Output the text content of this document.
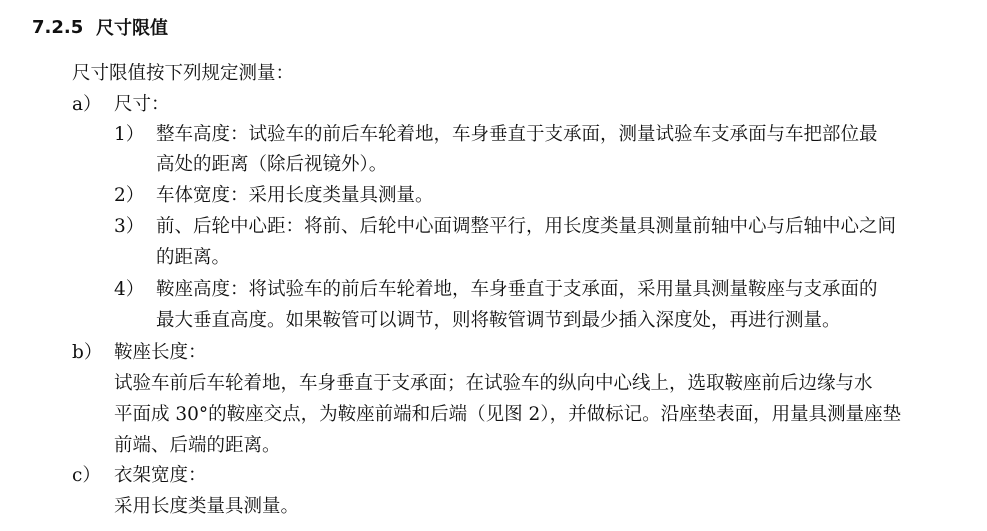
7.2.5 尺寸限值
尺寸限值按下列规定测量：
a） 尺寸：
1） 整车高度：试验车的前后车轮着地，车身垂直于支承面，测量试验车支承面与车把部位最
高处的距离（除后视镜外）。
2） 车体宽度：采用长度类量具测量。
3） 前、后轮中心距：将前、后轮中心面调整平行，用长度类量具测量前轴中心与后轴中心之间
的距离。
4） 鞍座高度：将试验车的前后车轮着地，车身垂直于支承面，采用量具测量鞍座与支承面的
最大垂直高度。如果鞍管可以调节，则将鞍管调节到最少插入深度处，再进行测量。
b） 鞍座长度：
试验车前后车轮着地，车身垂直于支承面；在试验车的纵向中心线上，选取鞍座前后边缘与水
平面成 30°的鞍座交点，为鞍座前端和后端（见图 2），并做标记。沿座垫表面，用量具测量座垫
前端、后端的距离。
c） 衣架宽度：
采用长度类量具测量。
